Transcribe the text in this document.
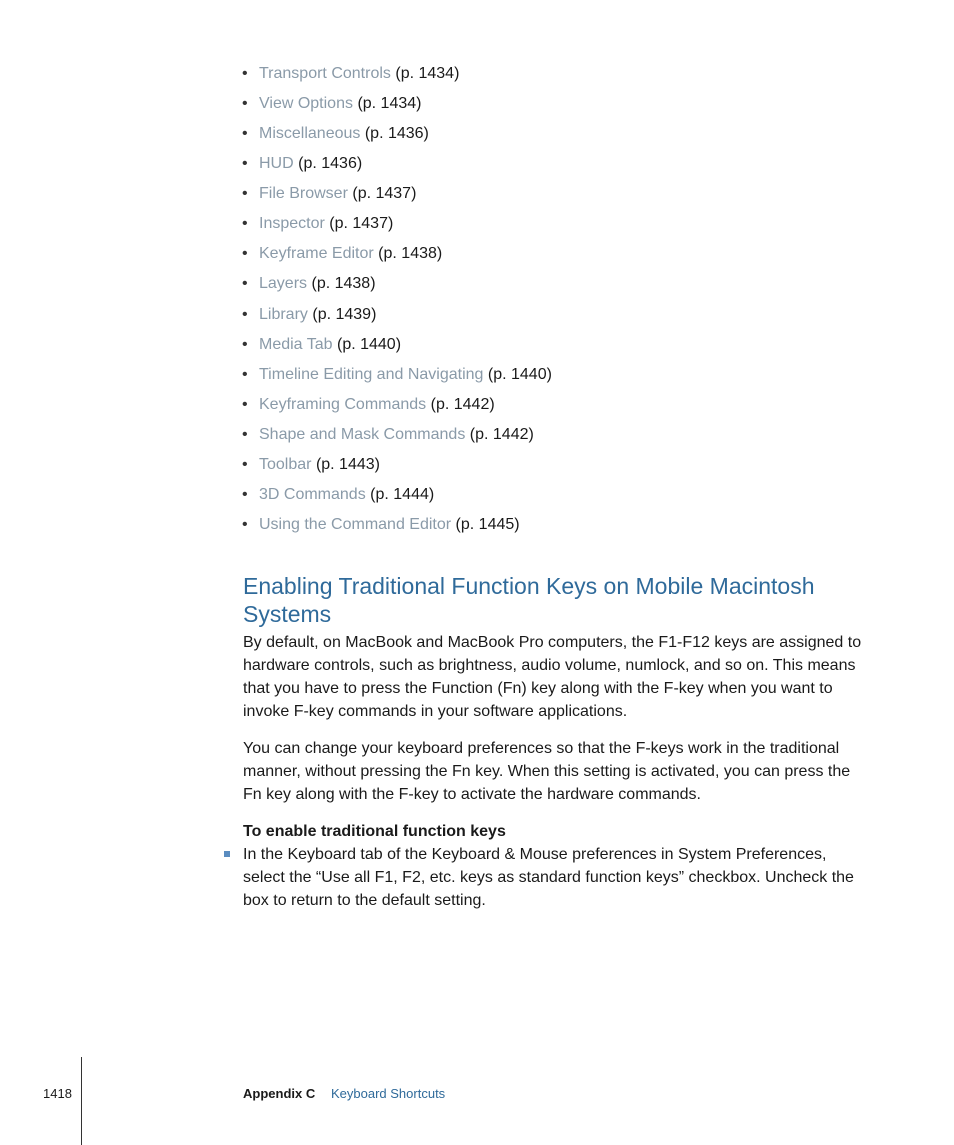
• Transport Controls (p. 1434)
• View Options (p. 1434)
• Miscellaneous (p. 1436)
• HUD (p. 1436)
• File Browser (p. 1437)
• Inspector (p. 1437)
• Keyframe Editor (p. 1438)
• Layers (p. 1438)
• Library (p. 1439)
• Media Tab (p. 1440)
• Timeline Editing and Navigating (p. 1440)
• Keyframing Commands (p. 1442)
• Shape and Mask Commands (p. 1442)
• Toolbar (p. 1443)
• 3D Commands (p. 1444)
• Using the Command Editor (p. 1445)
Enabling Traditional Function Keys on Mobile Macintosh Systems

By default, on MacBook and MacBook Pro computers, the F1-F12 keys are assigned to hardware controls, such as brightness, audio volume, numlock, and so on. This means that you have to press the Function (Fn) key along with the F-key when you want to invoke F-key commands in your software applications.

You can change your keyboard preferences so that the F-keys work in the traditional manner, without pressing the Fn key. When this setting is activated, you can press the Fn key along with the F-key to activate the hardware commands.

To enable traditional function keys

In the Keyboard tab of the Keyboard & Mouse preferences in System Preferences, select the “Use all F1, F2, etc. keys as standard function keys” checkbox. Uncheck the box to return to the default setting.

1418	Appendix C Keyboard Shortcuts
